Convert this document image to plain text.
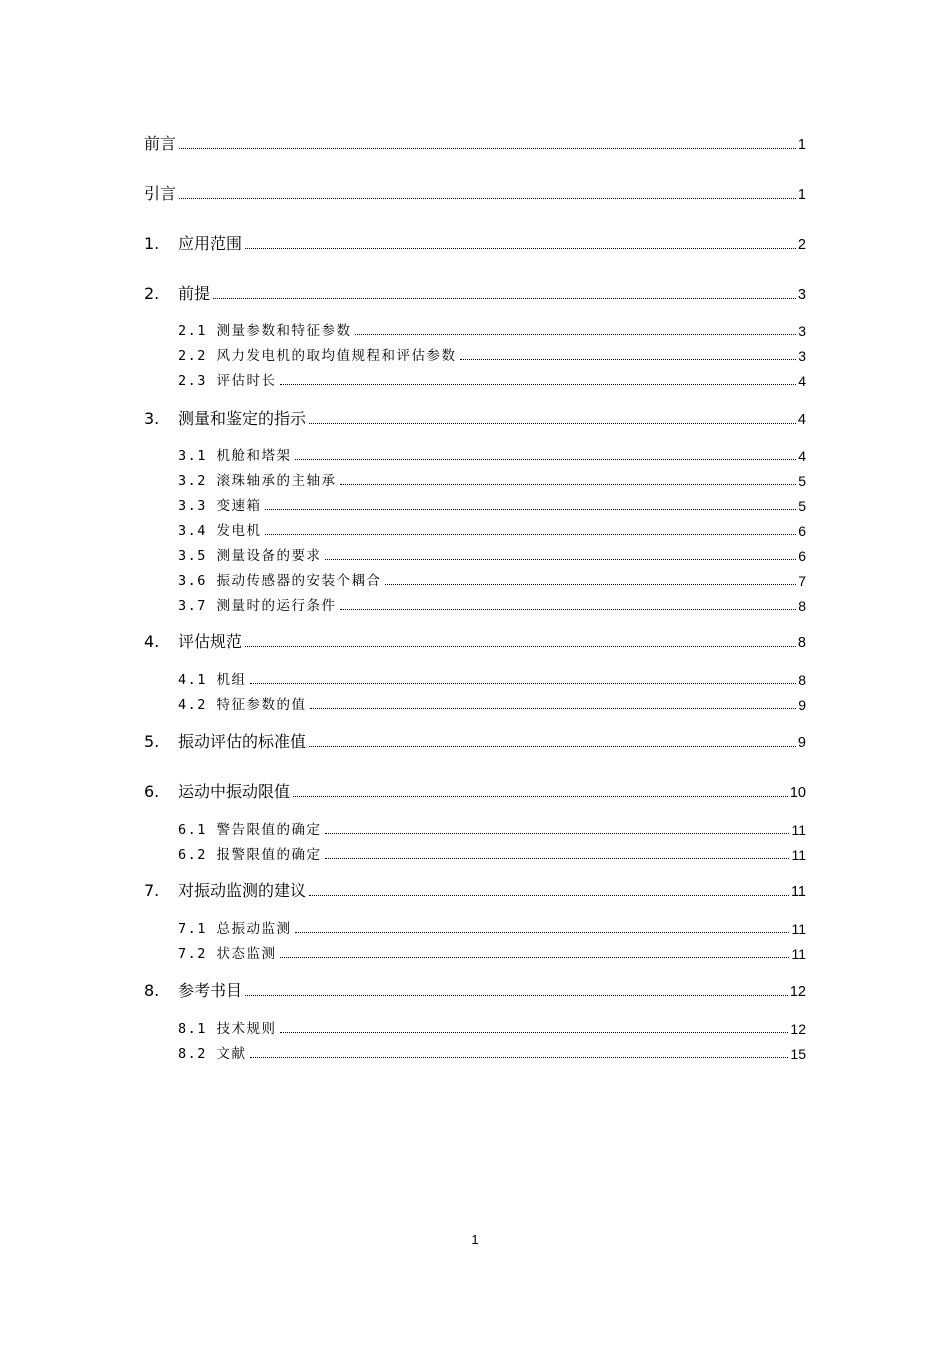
前言	1
引言	1
1.	应用范围	2
2.	前提	3
2.1 测量参数和特征参数	3
2.2 风力发电机的取均值规程和评估参数	3
2.3 评估时长	4
3.	测量和鉴定的指示	4
3.1 机舱和塔架	4
3.2 滚珠轴承的主轴承	5
3.3 变速箱	5
3.4 发电机	6
3.5 测量设备的要求	6
3.6 振动传感器的安装个耦合	7
3.7 测量时的运行条件	8
4.	评估规范	8
4.1 机组	8
4.2 特征参数的值	9
5.	振动评估的标准值	9
6.	运动中振动限值	10
6.1 警告限值的确定	11
6.2 报警限值的确定	11
7.	对振动监测的建议	11
7.1 总振动监测	11
7.2 状态监测	11
8.	参考书目	12
8.1 技术规则	12
8.2 文献	15
1
